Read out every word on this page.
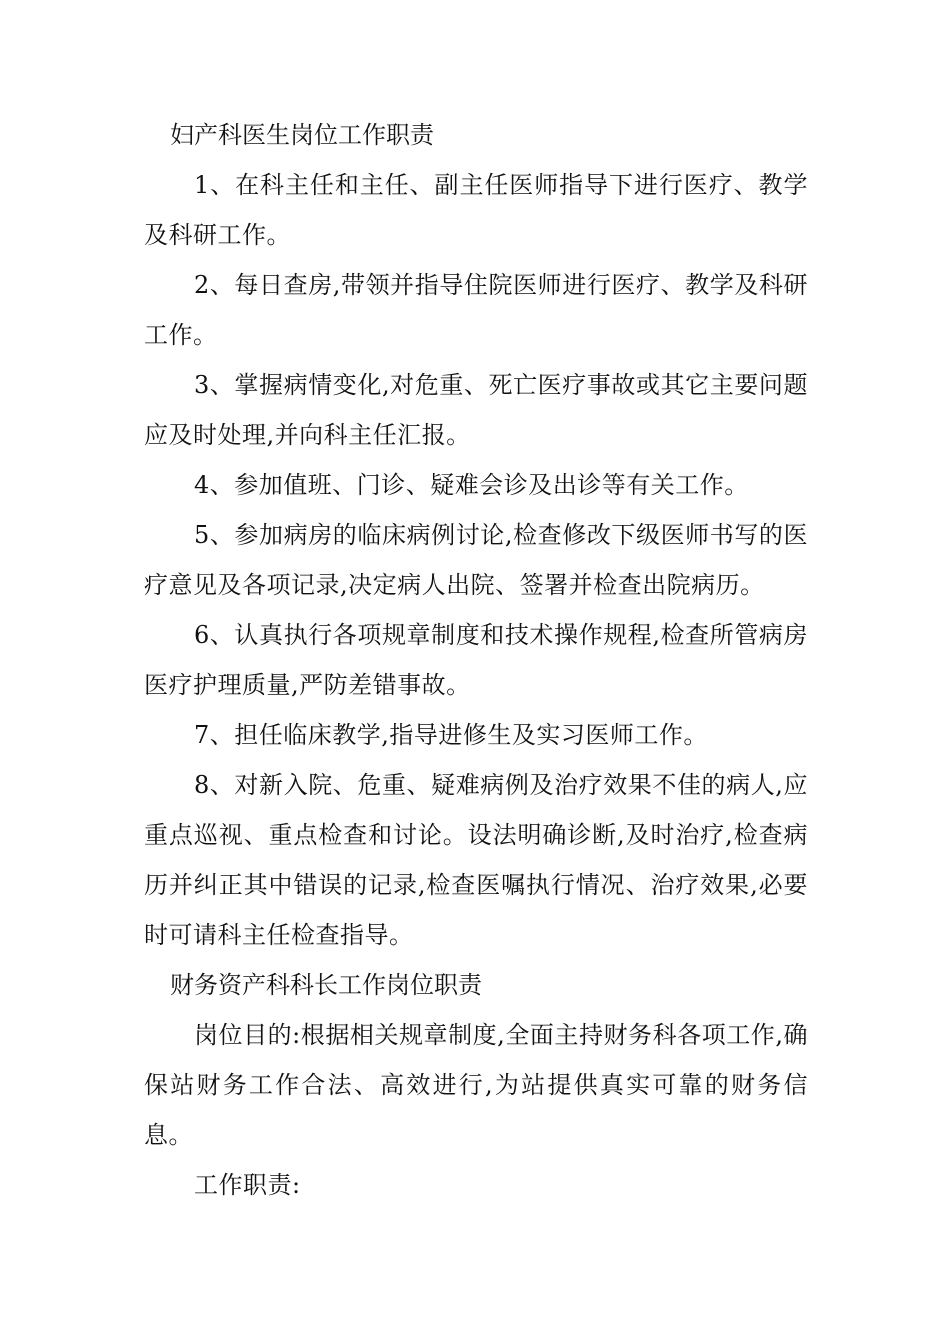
妇产科医生岗位工作职责

1、在科主任和主任、副主任医师指导下进行医疗、教学及科研工作。

2、每日查房,带领并指导住院医师进行医疗、教学及科研工作。

3、掌握病情变化,对危重、死亡医疗事故或其它主要问题应及时处理,并向科主任汇报。

4、参加值班、门诊、疑难会诊及出诊等有关工作。

5、参加病房的临床病例讨论,检查修改下级医师书写的医疗意见及各项记录,决定病人出院、签署并检查出院病历。

6、认真执行各项规章制度和技术操作规程,检查所管病房医疗护理质量,严防差错事故。

7、担任临床教学,指导进修生及实习医师工作。

8、对新入院、危重、疑难病例及治疗效果不佳的病人,应重点巡视、重点检查和讨论。设法明确诊断,及时治疗,检查病历并纠正其中错误的记录,检查医嘱执行情况、治疗效果,必要时可请科主任检查指导。

财务资产科科长工作岗位职责

岗位目的:根据相关规章制度,全面主持财务科各项工作,确保站财务工作合法、高效进行,为站提供真实可靠的财务信息。

工作职责:
